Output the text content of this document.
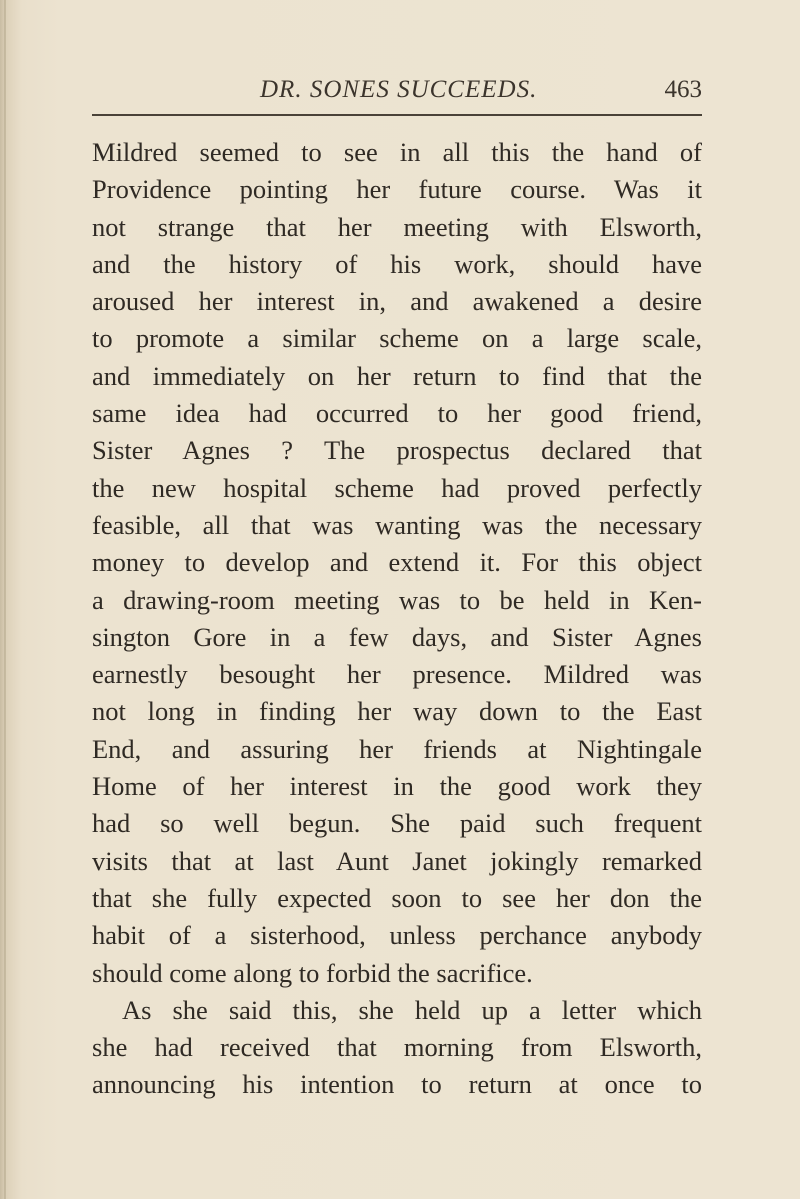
DR. SONES SUCCEEDS.	463
Mildred seemed to see in all this the hand of
Providence pointing her future course. Was it
not strange that her meeting with Elsworth,
and the history of his work, should have
aroused her interest in, and awakened a desire
to promote a similar scheme on a large scale,
and immediately on her return to find that the
same idea had occurred to her good friend,
Sister Agnes ? The prospectus declared that
the new hospital scheme had proved perfectly
feasible, all that was wanting was the necessary
money to develop and extend it. For this object
a drawing-room meeting was to be held in Ken-
sington Gore in a few days, and Sister Agnes
earnestly besought her presence. Mildred was
not long in finding her way down to the East
End, and assuring her friends at Nightingale
Home of her interest in the good work they
had so well begun. She paid such frequent
visits that at last Aunt Janet jokingly remarked
that she fully expected soon to see her don the
habit of a sisterhood, unless perchance anybody
should come along to forbid the sacrifice.
As she said this, she held up a letter which
she had received that morning from Elsworth,
announcing his intention to return at once to
